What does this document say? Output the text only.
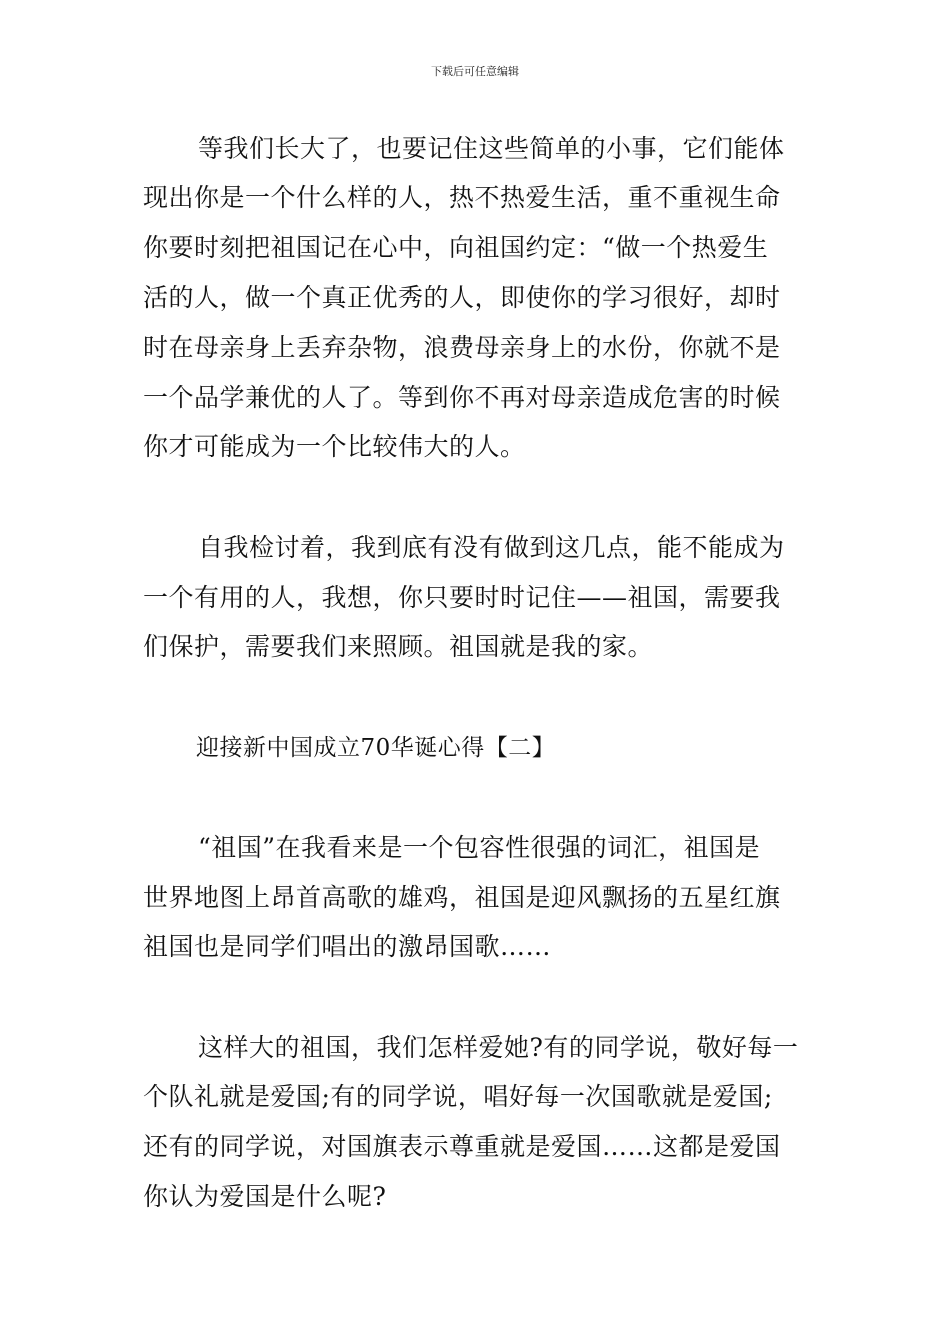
下载后可任意编辑
等我们长大了，也要记住这些简单的小事，它们能体
现出你是一个什么样的人，热不热爱生活，重不重视生命
你要时刻把祖国记在心中，向祖国约定：“做一个热爱生
活的人，做一个真正优秀的人，即使你的学习很好，却时
时在母亲身上丢弃杂物，浪费母亲身上的水份，你就不是
一个品学兼优的人了。等到你不再对母亲造成危害的时候
你才可能成为一个比较伟大的人。
自我检讨着，我到底有没有做到这几点，能不能成为
一个有用的人，我想，你只要时时记住——祖国，需要我
们保护，需要我们来照顾。祖国就是我的家。
迎接新中国成立70华诞心得【二】
“祖国”在我看来是一个包容性很强的词汇，祖国是
世界地图上昂首高歌的雄鸡，祖国是迎风飘扬的五星红旗
祖国也是同学们唱出的激昂国歌……
这样大的祖国，我们怎样爱她?有的同学说，敬好每一
个队礼就是爱国;有的同学说，唱好每一次国歌就是爱国;
还有的同学说，对国旗表示尊重就是爱国……这都是爱国
你认为爱国是什么呢?
